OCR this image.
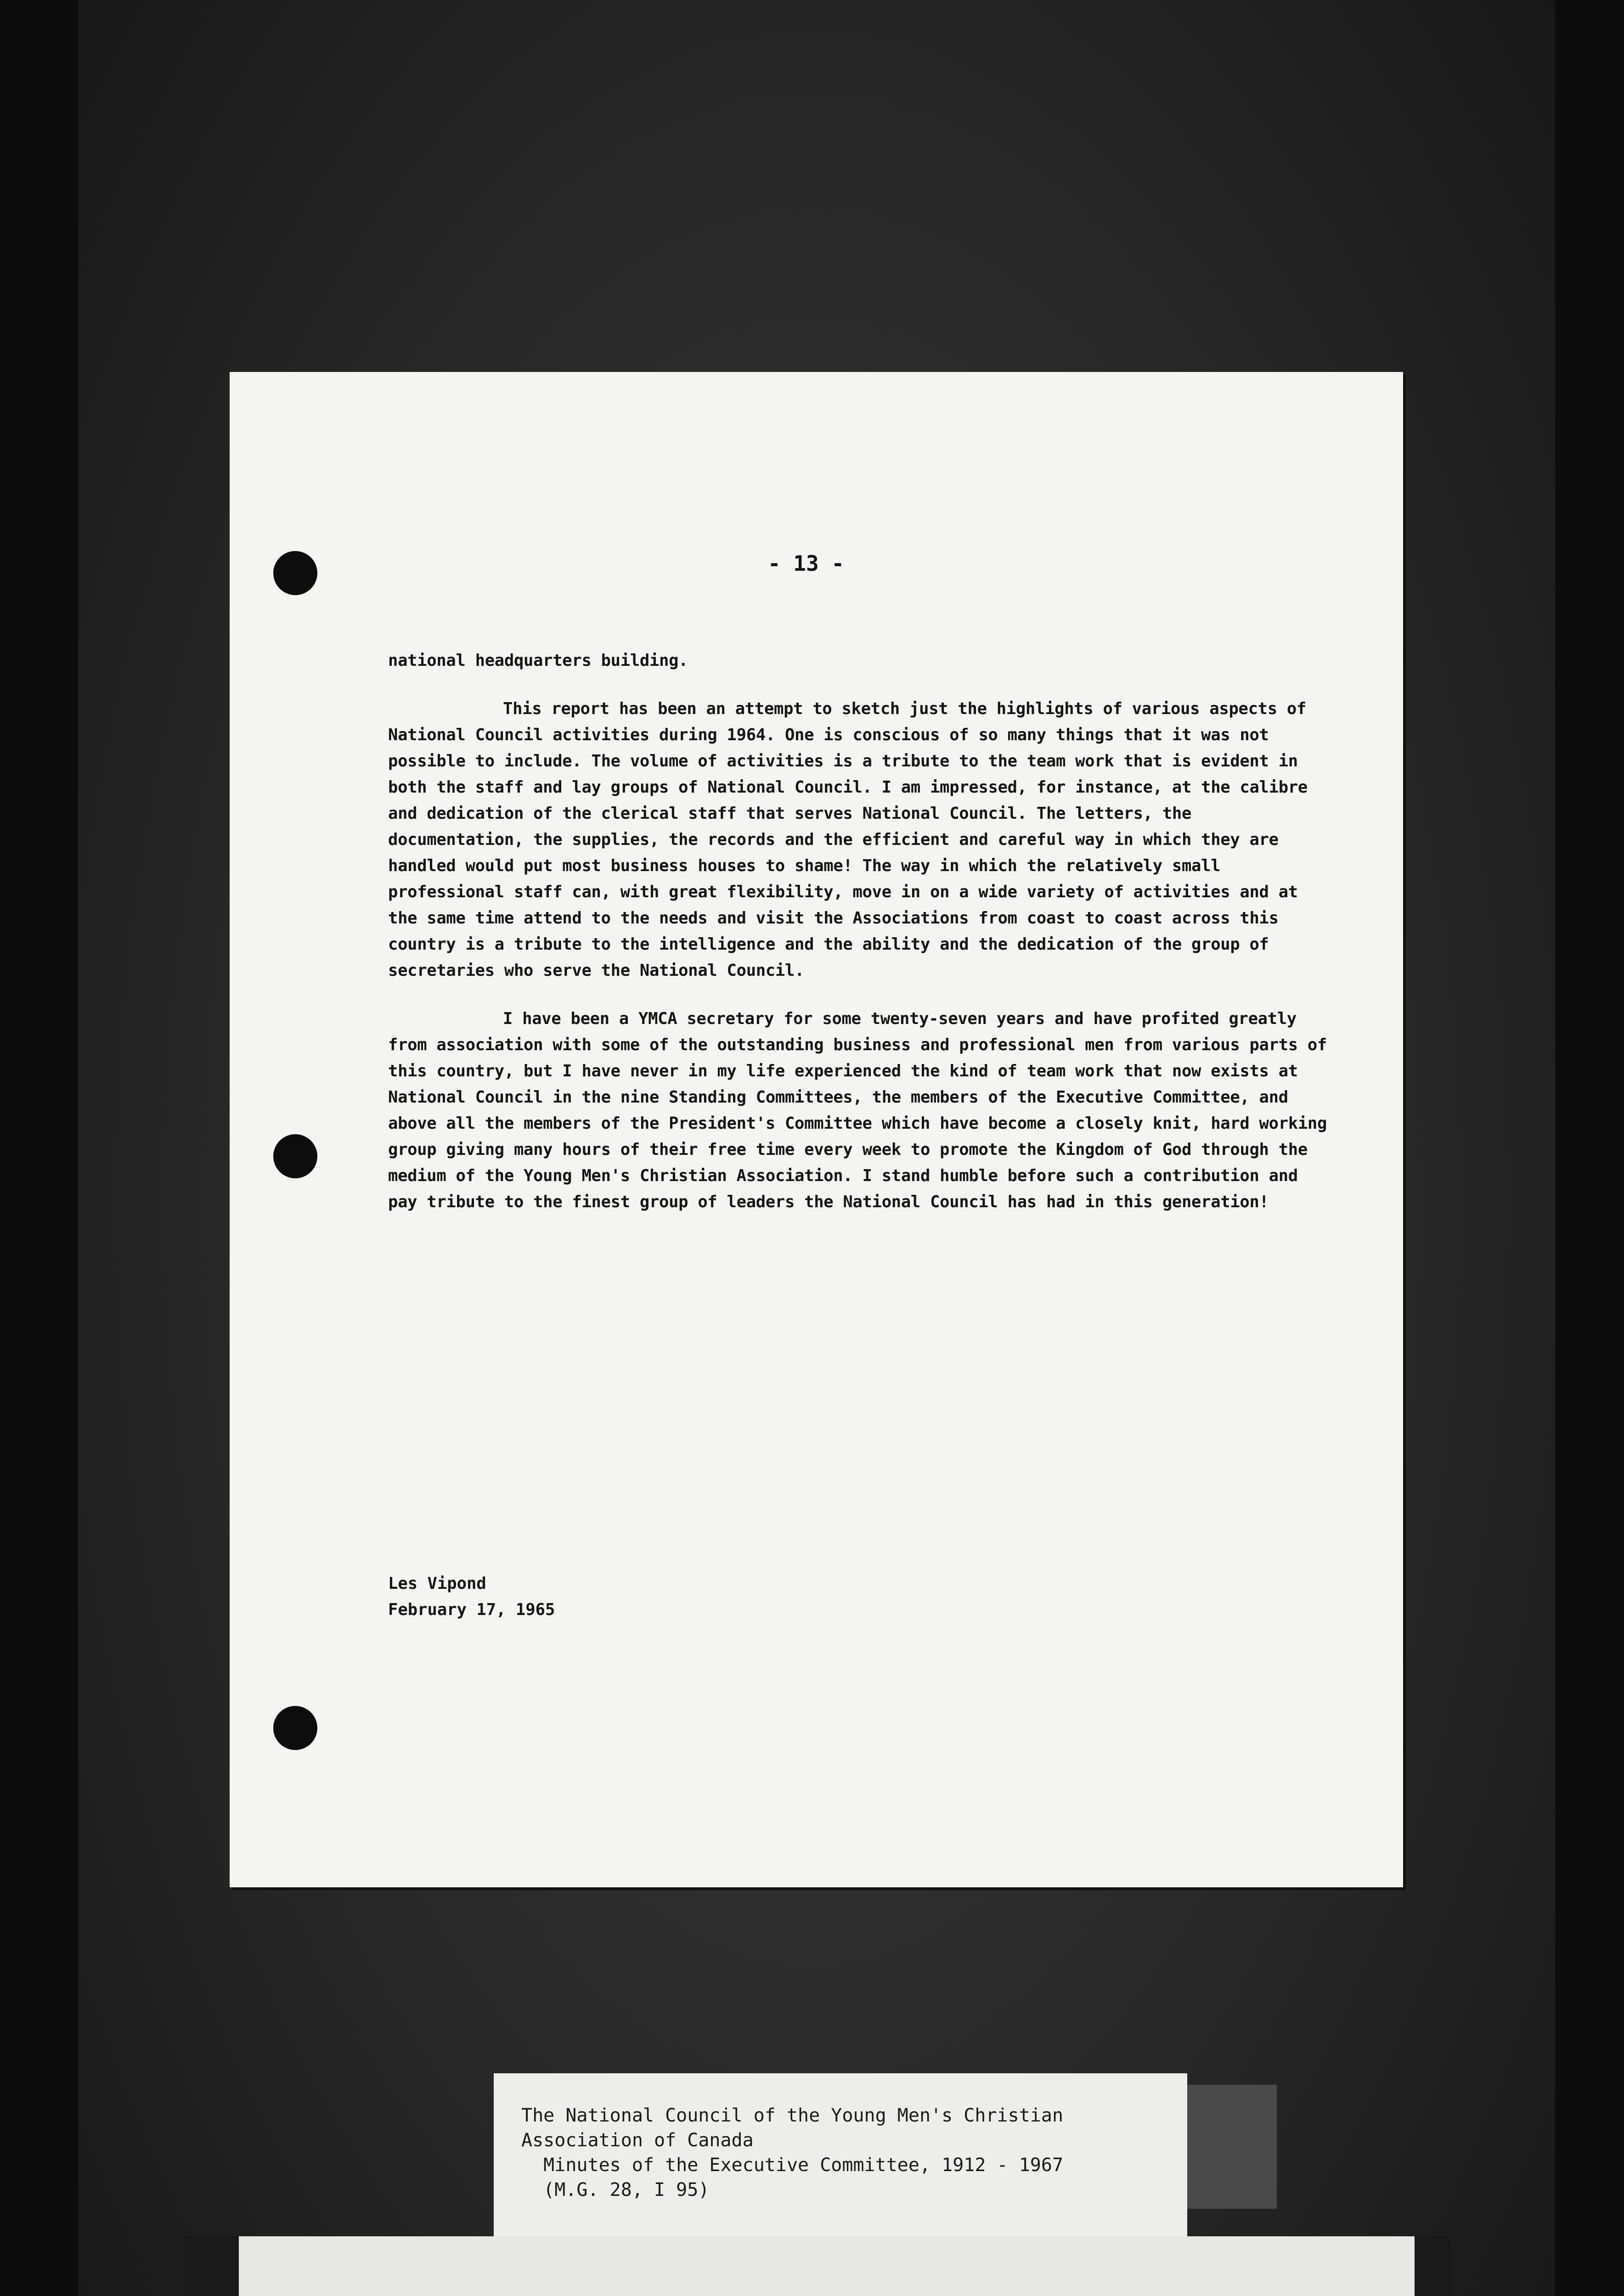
- 13 -

national headquarters building.

This report has been an attempt to sketch just the highlights of various aspects of National Council activities during 1964. One is conscious of so many things that it was not possible to include. The volume of activities is a tribute to the team work that is evident in both the staff and lay groups of National Council. I am impressed, for instance, at the calibre and dedication of the clerical staff that serves National Council. The letters, the documentation, the supplies, the records and the efficient and careful way in which they are handled would put most business houses to shame! The way in which the relatively small professional staff can, with great flexibility, move in on a wide variety of activities and at the same time attend to the needs and visit the Associations from coast to coast across this country is a tribute to the intelligence and the ability and the dedication of the group of secretaries who serve the National Council.

I have been a YMCA secretary for some twenty-seven years and have profited greatly from association with some of the outstanding business and professional men from various parts of this country, but I have never in my life experienced the kind of team work that now exists at National Council in the nine Standing Committees, the members of the Executive Committee, and above all the members of the President's Committee which have become a closely knit, hard working group giving many hours of their free time every week to promote the Kingdom of God through the medium of the Young Men's Christian Association. I stand humble before such a contribution and pay tribute to the finest group of leaders the National Council has had in this generation!

Les Vipond
February 17, 1965
The National Council of the Young Men's Christian
Association of Canada
Minutes of the Executive Committee, 1912 - 1967
(M.G. 28, I 95)
